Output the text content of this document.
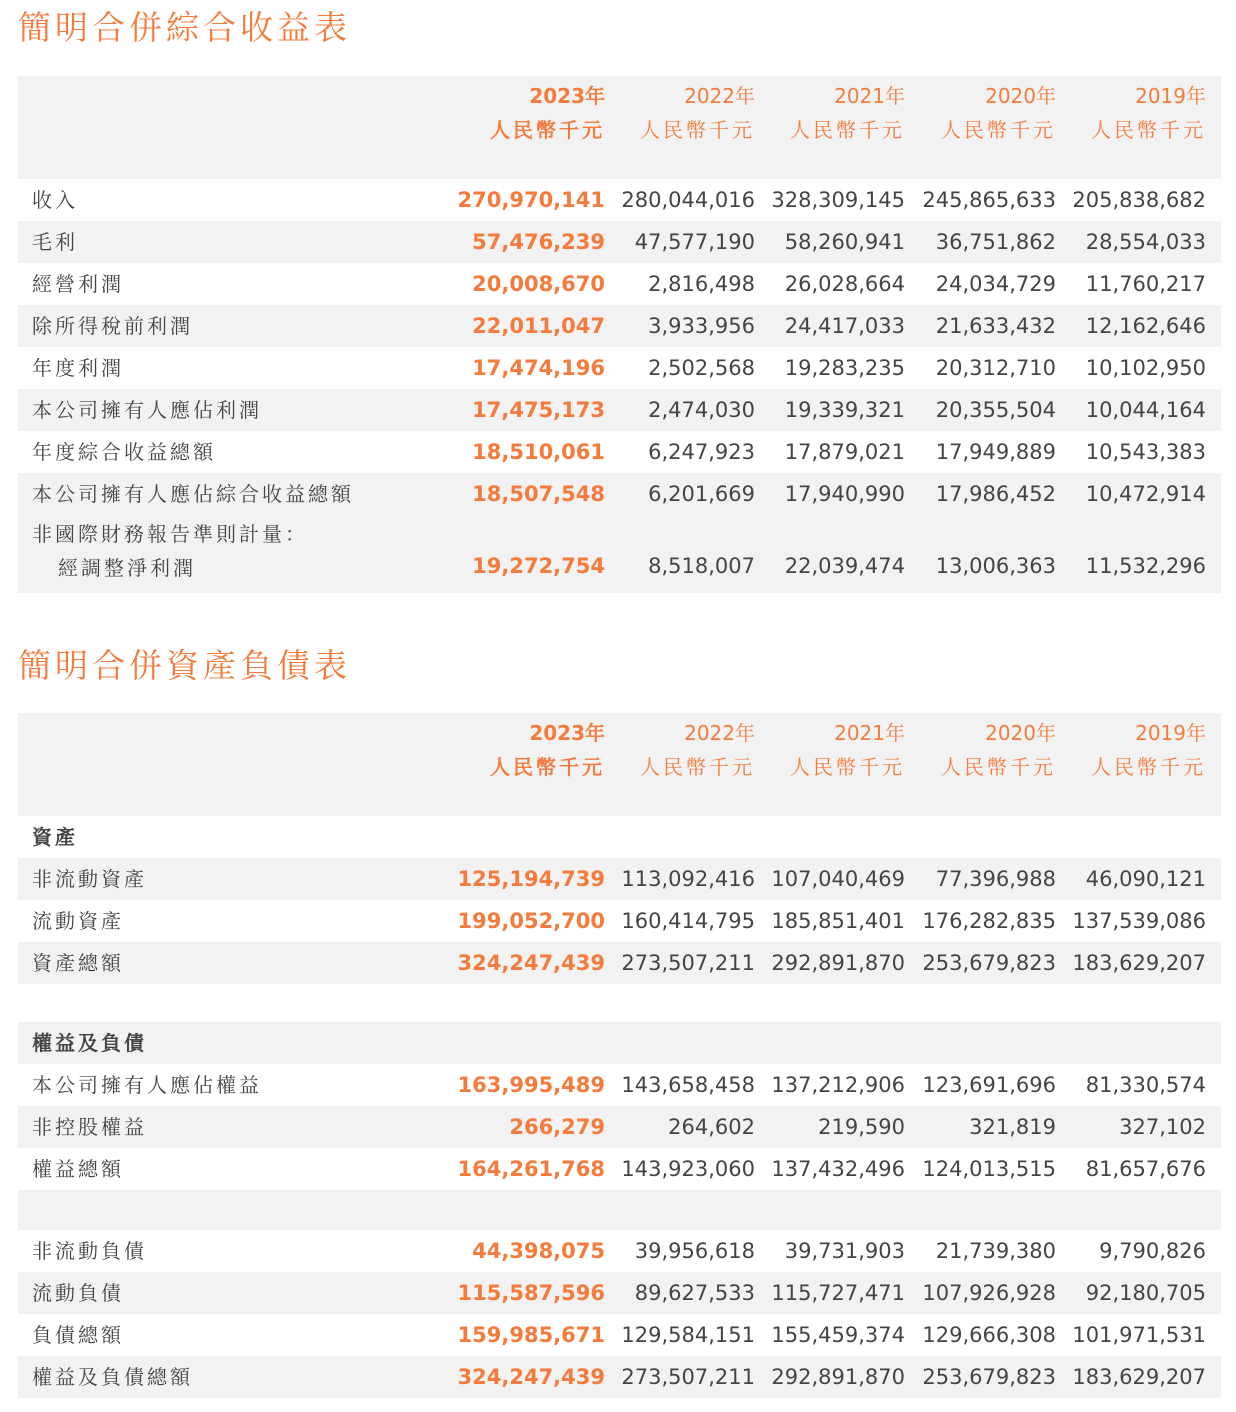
簡明合併綜合收益表
2023年	2022年	2021年	2020年	2019年
人民幣千元	人民幣千元	人民幣千元	人民幣千元	人民幣千元
收入	270,970,141 280,044,016 328,309,145 245,865,633 205,838,682
毛利	57,476,239	47,577,190	58,260,941	36,751,862	28,554,033
經營利潤	20,008,670	2,816,498	26,028,664	24,034,729	11,760,217
除所得稅前利潤	22,011,047	3,933,956	24,417,033	21,633,432	12,162,646
年度利潤	17,474,196	2,502,568	19,283,235	20,312,710	10,102,950
本公司擁有人應佔利潤	17,475,173	2,474,030	19,339,321	20,355,504	10,044,164
年度綜合收益總額	18,510,061	6,247,923	17,879,021	17,949,889	10,543,383
本公司擁有人應佔綜合收益總額	18,507,548	6,201,669	17,940,990	17,986,452	10,472,914
非國際財務報告準則計量：
經調整淨利潤	19,272,754	8,518,007	22,039,474	13,006,363	11,532,296
簡明合併資產負債表
2023年	2022年	2021年	2020年	2019年
人民幣千元	人民幣千元	人民幣千元	人民幣千元	人民幣千元
資產
非流動資產	125,194,739 113,092,416 107,040,469	77,396,988	46,090,121
流動資產	199,052,700 160,414,795 185,851,401 176,282,835 137,539,086
資產總額	324,247,439 273,507,211 292,891,870 253,679,823 183,629,207
權益及負債
本公司擁有人應佔權益	163,995,489 143,658,458 137,212,906 123,691,696	81,330,574
非控股權益	266,279	264,602	219,590	321,819	327,102
權益總額	164,261,768 143,923,060 137,432,496 124,013,515	81,657,676
非流動負債	44,398,075	39,956,618	39,731,903	21,739,380	9,790,826
流動負債	115,587,596	89,627,533 115,727,471 107,926,928	92,180,705
負債總額	159,985,671 129,584,151 155,459,374 129,666,308 101,971,531
權益及負債總額	324,247,439 273,507,211 292,891,870 253,679,823 183,629,207
